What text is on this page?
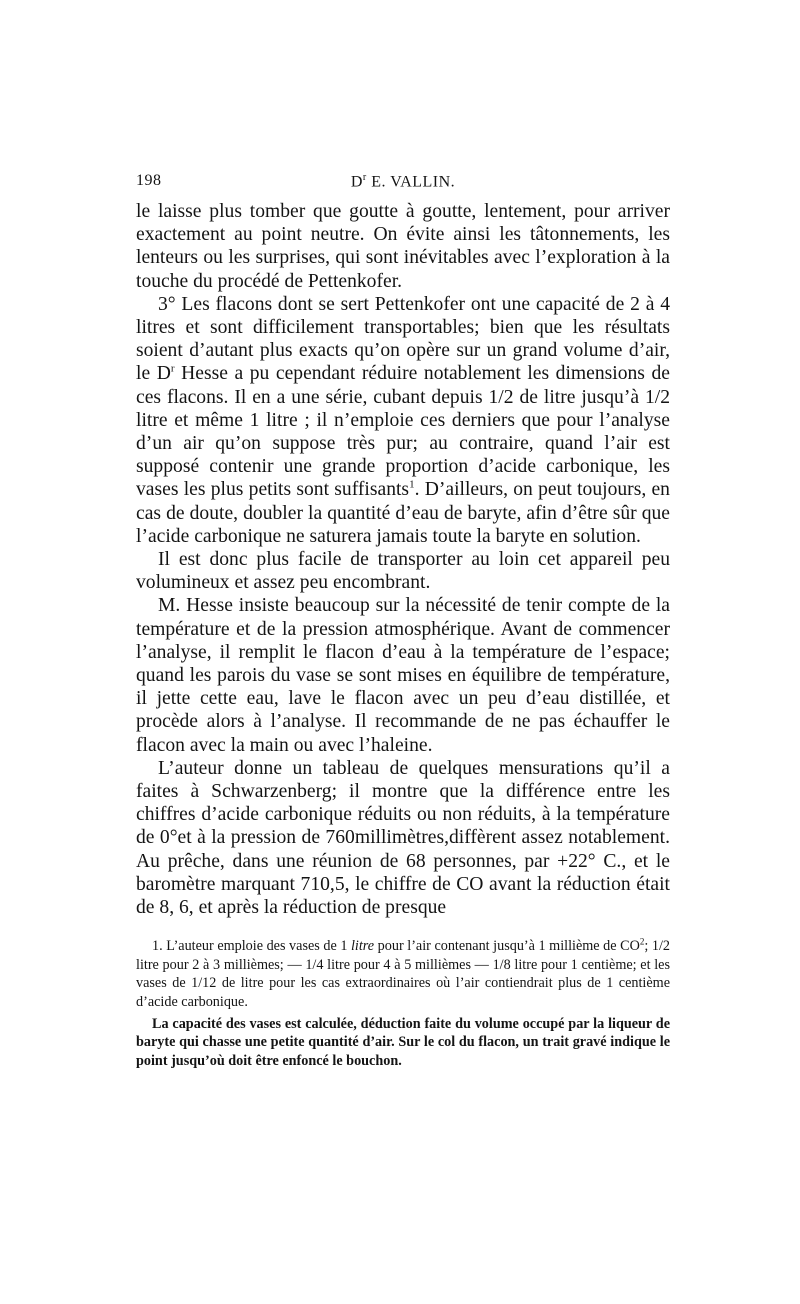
198	$D^r$ E. VALLIN.

le laisse plus tomber que goutte à goutte, lentement, pour arriver exactement au point neutre. On évite ainsi les tâtonnements, les lenteurs ou les surprises, qui sont inévitables avec l’exploration à la touche du procédé de Pettenkofer.

3° Les flacons dont se sert Pettenkofer ont une capacité de 2 à 4 litres et sont difficilement transportables; bien que les résultats soient d’autant plus exacts qu’on opère sur un grand volume d’air, le $D^r$ Hesse a pu cependant réduire notablement les dimensions de ces flacons. Il en a une série, cubant depuis 1/2 de litre jusqu’à 1/2 litre et même 1 litre ; il n’emploie ces derniers que pour l’analyse d’un air qu’on suppose très pur; au contraire, quand l’air est supposé contenir une grande proportion d’acide carbonique, les vases les plus petits sont suffisants$^1$. D’ailleurs, on peut toujours, en cas de doute, doubler la quantité d’eau de baryte, afin d’être sûr que l’acide carbonique ne saturera jamais toute la baryte en solution.

Il est donc plus facile de transporter au loin cet appareil peu volumineux et assez peu encombrant.

M. Hesse insiste beaucoup sur la nécessité de tenir compte de la température et de la pression atmosphérique. Avant de commencer l’analyse, il remplit le flacon d’eau à la température de l’espace; quand les parois du vase se sont mises en équilibre de température, il jette cette eau, lave le flacon avec un peu d’eau distillée, et procède alors à l’analyse. Il recommande de ne pas échauffer le flacon avec la main ou avec l’haleine.

L’auteur donne un tableau de quelques mensurations qu’il a faites à Schwarzenberg; il montre que la différence entre les chiffres d’acide carbonique réduits ou non réduits, à la température de 0°et à la pression de 760millimètres,diffèrent assez notablement. Au prêche, dans une réunion de 68 personnes, par +22° C., et le baromètre marquant 710,5, le chiffre de CO avant la réduction était de 8, 6, et après la réduction de presque

1. L’auteur emploie des vases de 1 litre pour l’air contenant jusqu’à 1 millième de $CO^2$; 1/2 litre pour 2 à 3 millièmes; — 1/4 litre pour 4 à 5 millièmes — 1/8 litre pour 1 centième; et les vases de 1/12 de litre pour les cas extraordinaires où l’air contiendrait plus de 1 centième d’acide carbonique.

La capacité des vases est calculée, déduction faite du volume occupé par la liqueur de baryte qui chasse une petite quantité d’air. Sur le col du flacon, un trait gravé indique le point jusqu’où doit être enfoncé le bouchon.
